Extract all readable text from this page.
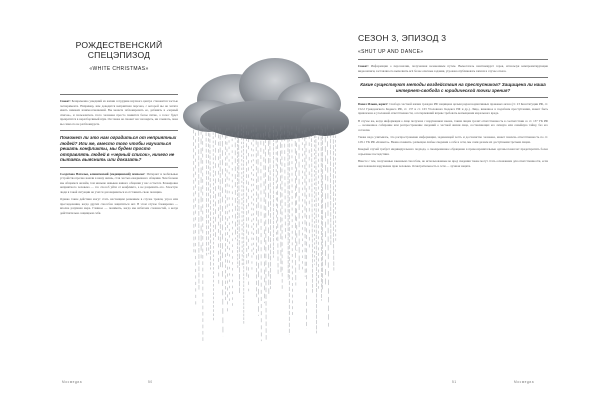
РОЖДЕСТВЕНСКИЙ СПЕЦЭПИЗОД
«WHITE CHRISTMAS»

Сюжет: Безвременно ушедший из жизни сотрудник научного центра становится частью эксперимента. Например, вам доводится неприятная персона, с которой вы не хотите иметь никаких взаимоотношений. Вы можете заблокировать ее, добавить в «черный список», и пользователь этого человека просто появится белое пятно, а голос будет превратится в неразборчивый шум. Он также не сможет вас ни видеть, ни слышать, пока вы сами его не разблокируете.

Поможет ли это нам оградиться от неприятных людей? Или же, вместо того чтобы научиться решать конфликты, мы будем просто отправлять людей в «черный список», ничего не пытаясь выяснить или доказать?

Солдатова Наталья, клинический (медицинский) психолог: Интернет и мобильные устройства прочно вошли в нашу жизнь, став частью ежедневного общения. Чем больше мы общаемся онлайн, тем меньше навыков живого общения у нас остается. Блокировка неприятного человека — это способ уйти от конфликта, а не разрешить его. Зачастую люди в такой ситуации не учатся договариваться и отстаивать свою позицию.

Однако такие действия могут стать настоящим решением в случае травли, угроз или преследования, когда других способов защититься нет. В этом случае блокировка — вполне разумная мера. Главное — понимать, когда мы избегаем сложностей, а когда действительно защищаем себя.

Мосмедиа	50
СЕЗОН 3, ЭПИЗОД 3
«SHUT UP AND DANCE»

Сюжет: Информация о персоналии, полученная незаконным путем. Вымогатель шантажирует героя, используя компрометирующие видеозаписи, заставляя его выполнять всё более опасные задания, угрожая опубликовать записи в случае отказа.

Какие существуют методы воздействия на преступников? Защищена ли наша интернет-свобода с юридической точки зрения?

Павел Ильин, юрист: Свобода частной жизни граждан РФ защищена целым рядом нормативных правовых актов (ст. 23 Конституции РФ, ст. 152.2 Гражданского Кодекса РФ, ст. 137 и ст. 163 Уголовного Кодекса РФ и др.). Лицо, виновное в подобном преступлении, может быть привлечено к уголовной ответственности, а потерпевший вправе требовать возмещения морального вреда.

В случае же, когда информация о лице получена с нарушением закона, таким лицам грозит ответственность в соответствии со ст. 137 УК РФ — незаконное собирание или распространение сведений о частной жизни лица, составляющих его личную или семейную тайну, без его согласия.

Также надо учитывать, что распространение информации, задевающей честь и достоинство человека, может повлечь ответственность по ст. 128.1 УК РФ «Клевета». Важно помнить: размещая любые сведения о себе в сети, мы сами делаем их доступными третьим лицам.

Каждый случай требует индивидуального подхода, а своевременное обращение в правоохранительные органы помогает предотвратить более серьезные последствия.

Вместе с тем, полученные законным способом, но использованные во вред сведения также могут стать основанием для ответственности, если они повлекли нарушение прав человека. Осмотрительность в сети — лучшая защита.

51	Мосмедиа
